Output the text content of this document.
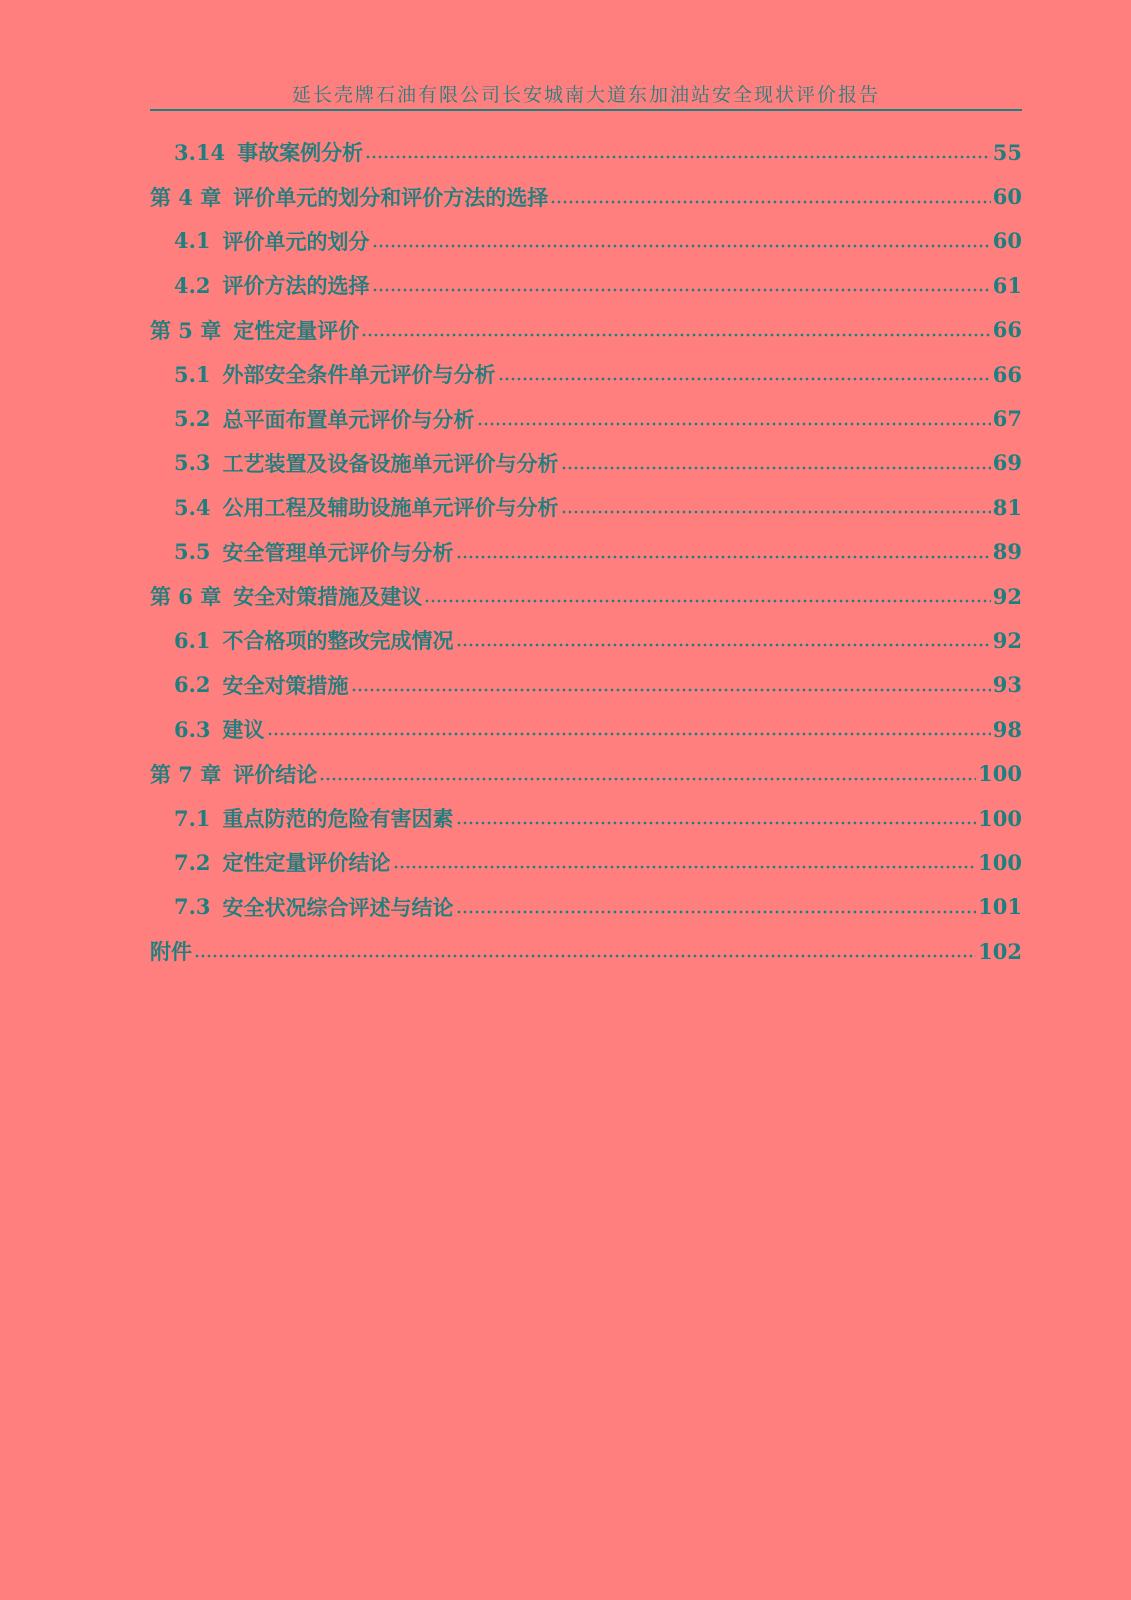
延长壳牌石油有限公司长安城南大道东加油站安全现状评价报告
3.14 事故案例分析	55
第 4 章 评价单元的划分和评价方法的选择	60
4.1 评价单元的划分	60
4.2 评价方法的选择	61
第 5 章 定性定量评价	66
5.1 外部安全条件单元评价与分析	66
5.2 总平面布置单元评价与分析	67
5.3 工艺装置及设备设施单元评价与分析	69
5.4 公用工程及辅助设施单元评价与分析	81
5.5 安全管理单元评价与分析	89
第 6 章 安全对策措施及建议	92
6.1 不合格项的整改完成情况	92
6.2 安全对策措施	93
6.3 建议	98
第 7 章 评价结论	100
7.1 重点防范的危险有害因素	100
7.2 定性定量评价结论	100
7.3 安全状况综合评述与结论	101
附件	102
